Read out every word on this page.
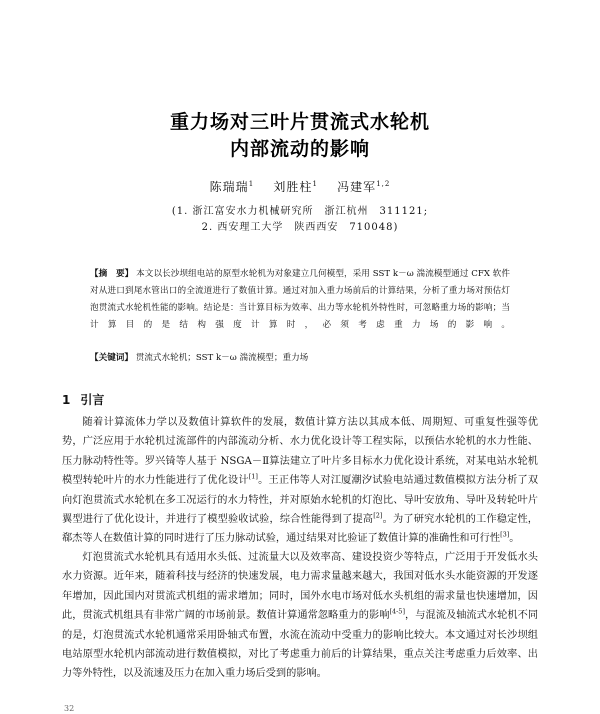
重力场对三叶片贯流式水轮机
内部流动的影响
陈瑞瑞$^1$ 刘胜柱$^1$ 冯建军$^{1,2}$
(1. 浙江富安水力机械研究所　浙江杭州　311121;
2. 西安理工大学　陕西西安　710048)

【摘　要】 本文以长沙坝组电站的原型水轮机为对象建立几何模型，采用 SST k－ω 湍流模型通过 CFX 软件对从进口到尾水管出口的全流道进行了数值计算。通过对加入重力场前后的计算结果，分析了重力场对预估灯泡贯流式水轮机性能的影响。结论是：当计算目标为效率、出力等水轮机外特性时，可忽略重力场的影响；当计算目的是结构强度计算时，必须考虑重力场的影响。

【关键词】 贯流式水轮机；SST k－ω 湍流模型；重力场
1 引言

随着计算流体力学以及数值计算软件的发展，数值计算方法以其成本低、周期短、可重复性强等优势，广泛应用于水轮机过流部件的内部流动分析、水力优化设计等工程实际，以预估水轮机的水力性能、压力脉动特性等。罗兴锜等人基于 NSGA－Ⅱ算法建立了叶片多目标水力优化设计系统，对某电站水轮机模型转轮叶片的水力性能进行了优化设计[1]。王正伟等人对江厦潮汐试验电站通过数值模拟方法分析了双向灯泡贯流式水轮机在多工况运行的水力特性，并对原始水轮机的灯泡比、导叶安放角、导叶及转轮叶片翼型进行了优化设计，并进行了模型验收试验，综合性能得到了提高[2]。为了研究水轮机的工作稳定性，郗杰等人在数值计算的同时进行了压力脉动试验，通过结果对比验证了数值计算的准确性和可行性[3]。

灯泡贯流式水轮机具有适用水头低、过流量大以及效率高、建设投资少等特点，广泛用于开发低水头水力资源。近年来，随着科技与经济的快速发展，电力需求量越来越大，我国对低水头水能资源的开发逐年增加，因此国内对贯流式机组的需求增加；同时，国外水电市场对低水头机组的需求量也快速增加，因此，贯流式机组具有非常广阔的市场前景。数值计算通常忽略重力的影响[4-5]，与混流及轴流式水轮机不同的是，灯泡贯流式水轮机通常采用卧轴式布置，水流在流动中受重力的影响比较大。本文通过对长沙坝组电站原型水轮机内部流动进行数值模拟，对比了考虑重力前后的计算结果，重点关注考虑重力后效率、出力等外特性，以及流速及压力在加入重力场后受到的影响。

32
